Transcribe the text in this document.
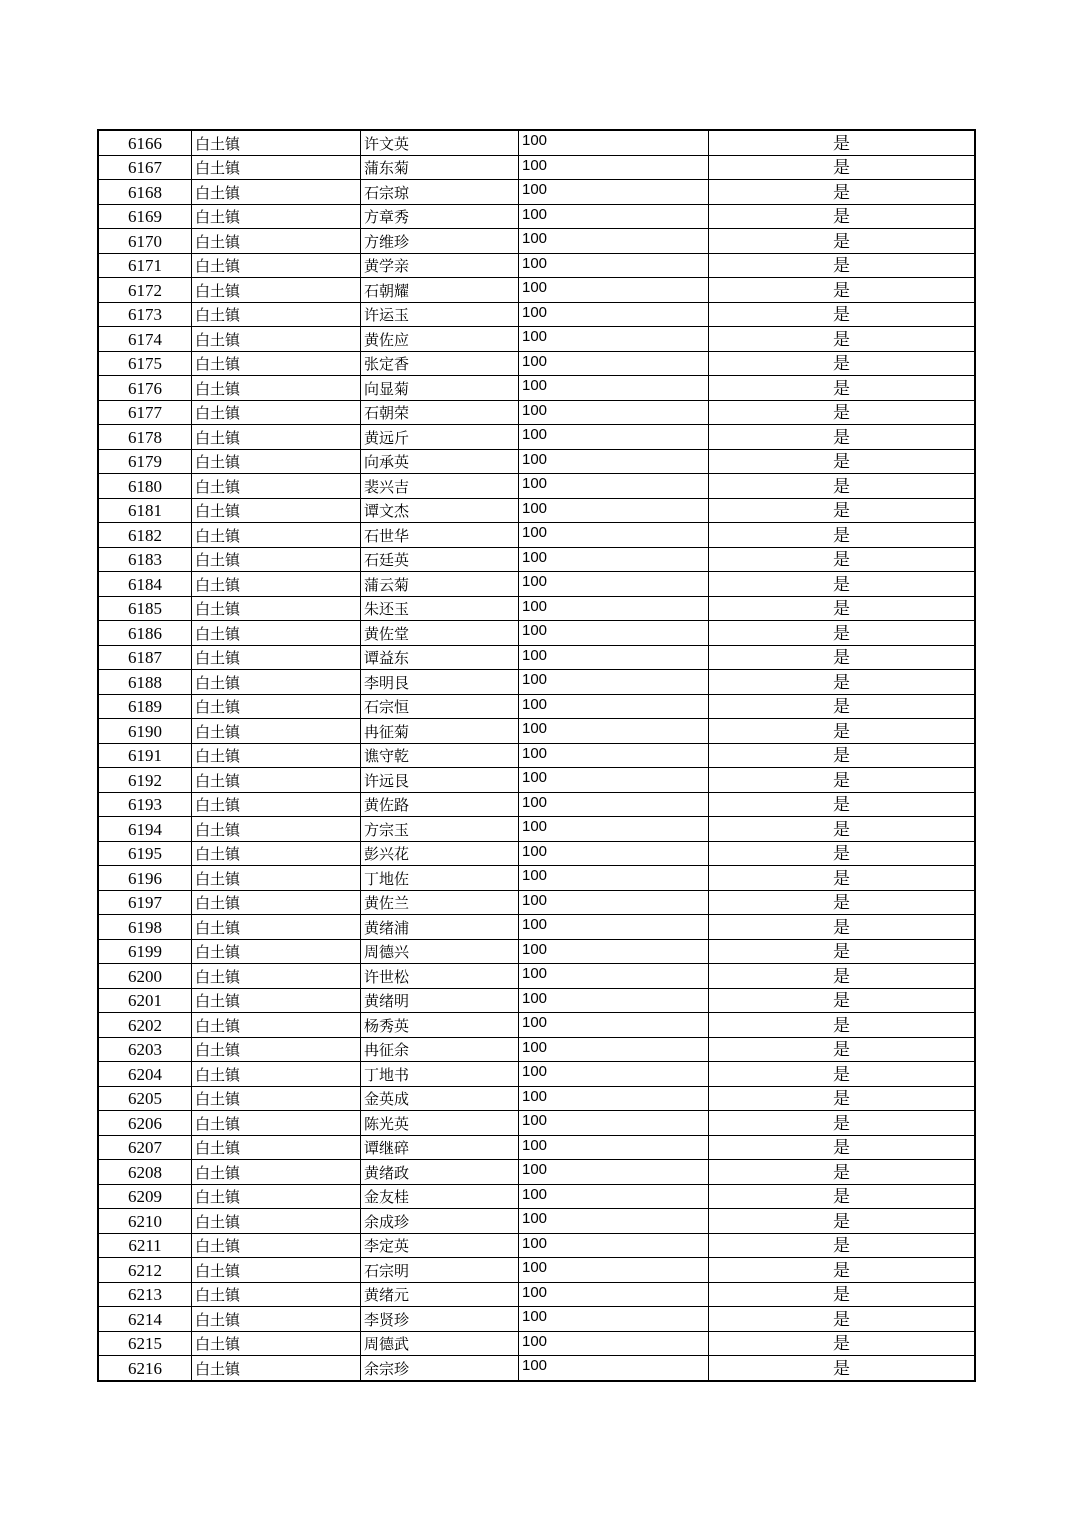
6166	白土镇	许文英	100	是
6167	白土镇	蒲东菊	100	是
6168	白土镇	石宗琼	100	是
6169	白土镇	方章秀	100	是
6170	白土镇	方维珍	100	是
6171	白土镇	黄学亲	100	是
6172	白土镇	石朝耀	100	是
6173	白土镇	许运玉	100	是
6174	白土镇	黄佐应	100	是
6175	白土镇	张定香	100	是
6176	白土镇	向显菊	100	是
6177	白土镇	石朝荣	100	是
6178	白土镇	黄远斤	100	是
6179	白土镇	向承英	100	是
6180	白土镇	裴兴吉	100	是
6181	白土镇	谭文杰	100	是
6182	白土镇	石世华	100	是
6183	白土镇	石廷英	100	是
6184	白土镇	蒲云菊	100	是
6185	白土镇	朱还玉	100	是
6186	白土镇	黄佐堂	100	是
6187	白土镇	谭益东	100	是
6188	白土镇	李明艮	100	是
6189	白土镇	石宗恒	100	是
6190	白土镇	冉征菊	100	是
6191	白土镇	谯守乾	100	是
6192	白土镇	许远艮	100	是
6193	白土镇	黄佐路	100	是
6194	白土镇	方宗玉	100	是
6195	白土镇	彭兴花	100	是
6196	白土镇	丁地佐	100	是
6197	白土镇	黄佐兰	100	是
6198	白土镇	黄绪浦	100	是
6199	白土镇	周德兴	100	是
6200	白土镇	许世松	100	是
6201	白土镇	黄绪明	100	是
6202	白土镇	杨秀英	100	是
6203	白土镇	冉征余	100	是
6204	白土镇	丁地书	100	是
6205	白土镇	金英成	100	是
6206	白土镇	陈光英	100	是
6207	白土镇	谭继碎	100	是
6208	白土镇	黄绪政	100	是
6209	白土镇	金友桂	100	是
6210	白土镇	余成珍	100	是
6211	白土镇	李定英	100	是
6212	白土镇	石宗明	100	是
6213	白土镇	黄绪元	100	是
6214	白土镇	李贤珍	100	是
6215	白土镇	周德武	100	是
6216	白土镇	余宗珍	100	是
